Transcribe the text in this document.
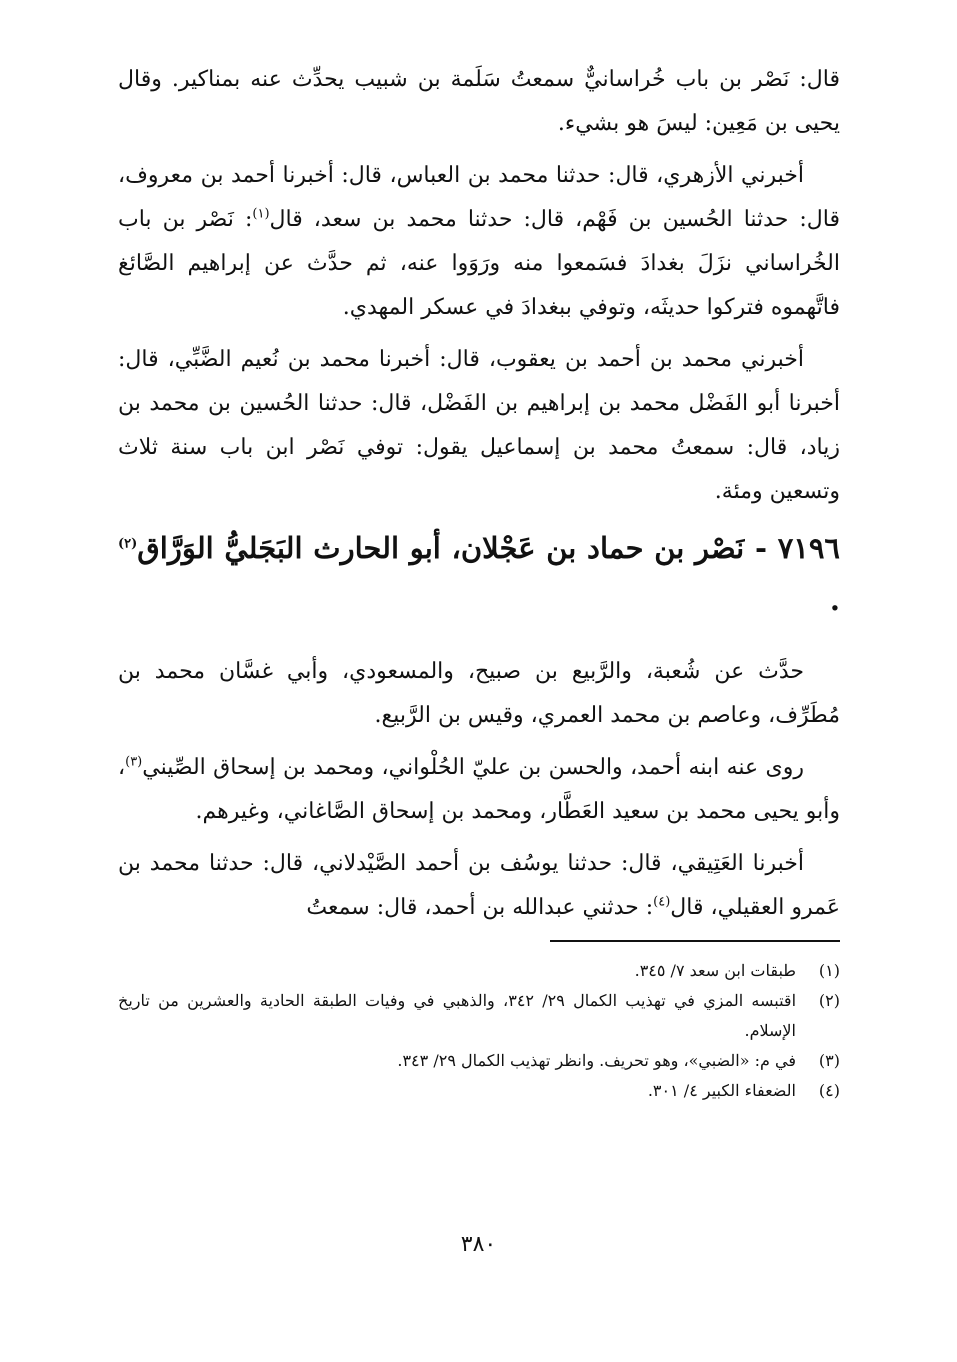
قال: نَصْر بن باب خُراسانيٌّ سمعتُ سَلَمة بن شبيب يحدِّث عنه بمناكير. وقال يحيى بن مَعِين: ليسَ هو بشيء.

أخبرني الأزهري، قال: حدثنا محمد بن العباس، قال: أخبرنا أحمد بن معروف، قال: حدثنا الحُسين بن فَهْم، قال: حدثنا محمد بن سعد، قال$^{(١)}$: نَصْر بن باب الخُراساني نزَلَ بغدادَ فسَمعوا منه ورَوَوا عنه، ثم حدَّث عن إبراهيم الصَّائغ فاتَّهموه فتركوا حديثَه، وتوفي ببغدادَ في عسكر المهدي.

أخبرني محمد بن أحمد بن يعقوب، قال: أخبرنا محمد بن نُعيم الضَّبِّي، قال: أخبرنا أبو الفَضْل محمد بن إبراهيم بن الفَضْل، قال: حدثنا الحُسين بن محمد بن زياد، قال: سمعتُ محمد بن إسماعيل يقول: توفي نَصْر ابن باب سنة ثلاث وتسعين ومئة.

٧١٩٦ - نَصْر بن حماد بن عَجْلان، أبو الحارث البَجَليُّ الوَرَّاق$^{(٢)}$ .

حدَّث عن شُعبة، والرَّبيع بن صبيح، والمسعودي، وأبي غسَّان محمد بن مُطَرِّف، وعاصم بن محمد العمري، وقيس بن الرَّبيع.

روى عنه ابنه أحمد، والحسن بن عليّ الحُلْواني، ومحمد بن إسحاق الصِّيني$^{(٣)}$، وأبو يحيى محمد بن سعيد العَطَّار، ومحمد بن إسحاق الصَّاغاني، وغيرهم.

أخبرنا العَتِيقي، قال: حدثنا يوسُف بن أحمد الصَّيْدلاني، قال: حدثنا محمد بن عَمرو العقيلي، قال$^{(٤)}$: حدثني عبدالله بن أحمد، قال: سمعتُ

(١)
طبقات ابن سعد ٧/ ٣٤٥.
(٢)
اقتبسه المزي في تهذيب الكمال ٢٩/ ٣٤٢، والذهبي في وفيات الطبقة الحادية والعشرين من تاريخ الإسلام.
(٣)
في م: «الضبي»، وهو تحريف. وانظر تهذيب الكمال ٢٩/ ٣٤٣.
(٤)
الضعفاء الكبير ٤/ ٣٠١.
٣٨٠
